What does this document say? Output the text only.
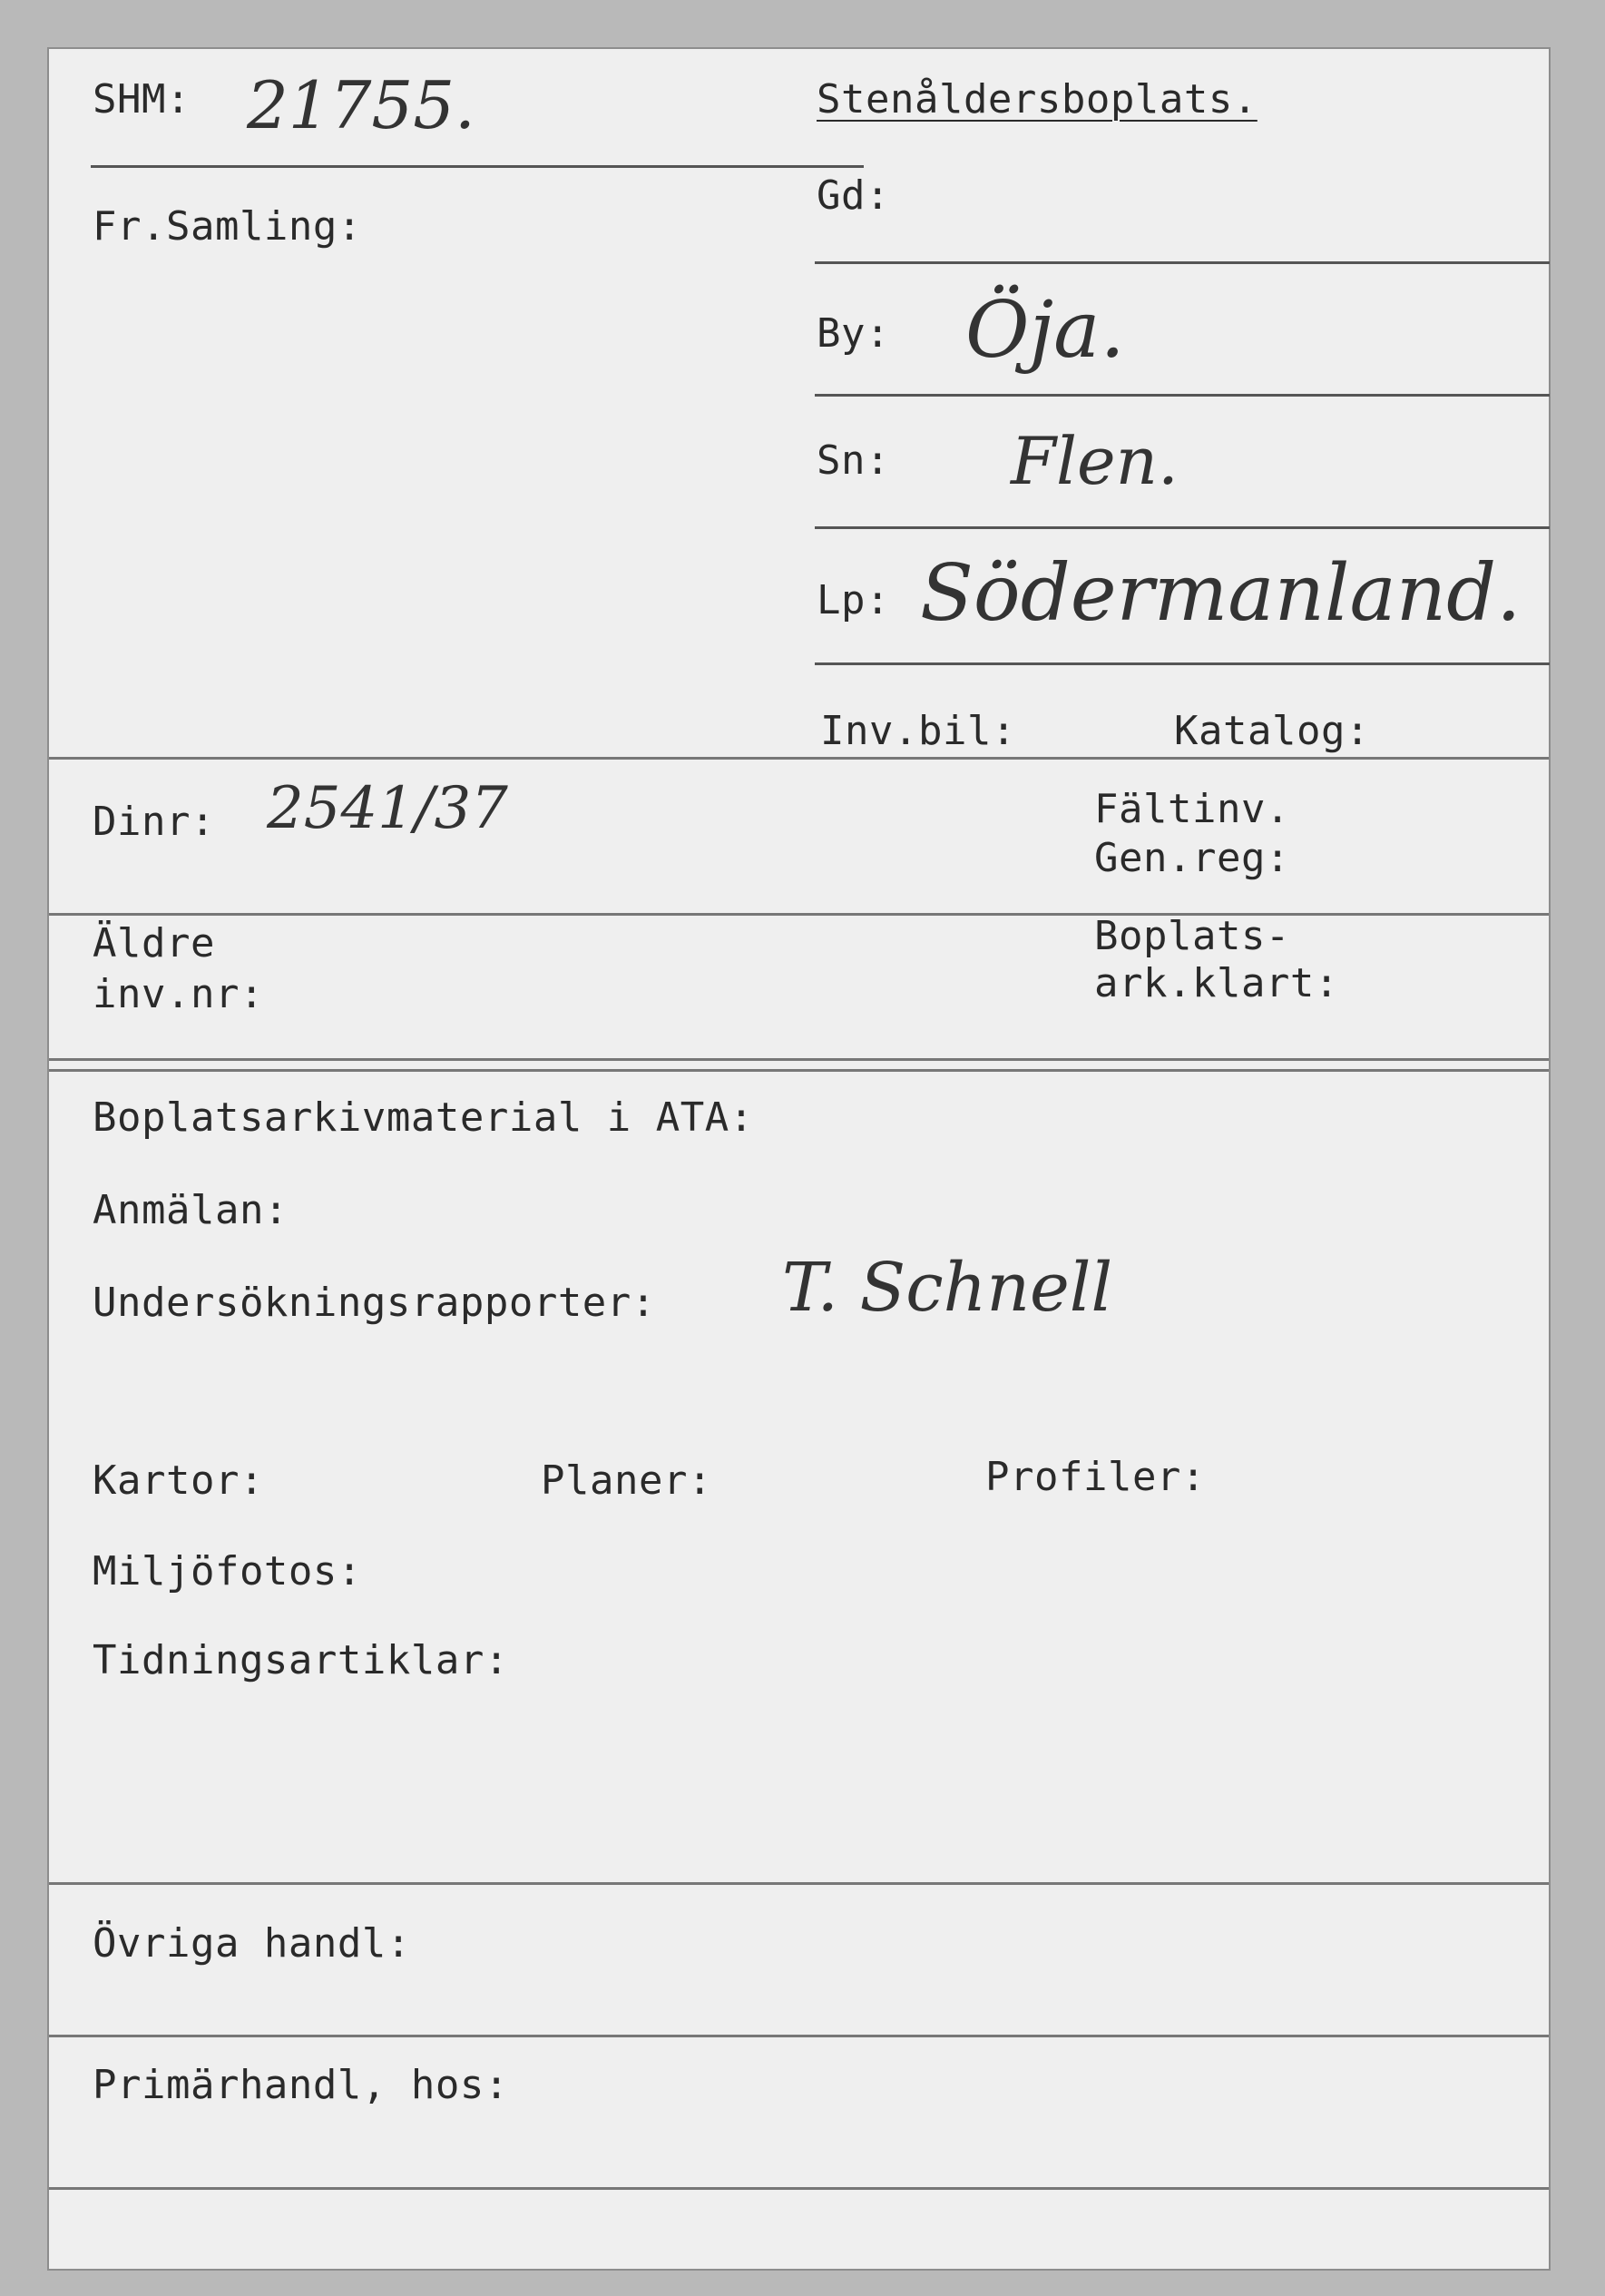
SHM: 21755.
Fr.Samling:
Stenåldersboplats.
Gd:
By: Öja.
Sn: Flen.
Lp: Södermanland.
Inv.bil:	Katalog:
Dinr: 2541/37	Fältinv.
Gen.reg:
Äldre
inv.nr:
Boplats-
ark.klart:
Boplatsarkivmaterial i ATA:
Anmälan:
Undersökningsrapporter: T. Schnell
Kartor:	Planer:	Profiler:
Miljöfotos:
Tidningsartiklar:
Övriga handl:
Primärhandl, hos:
